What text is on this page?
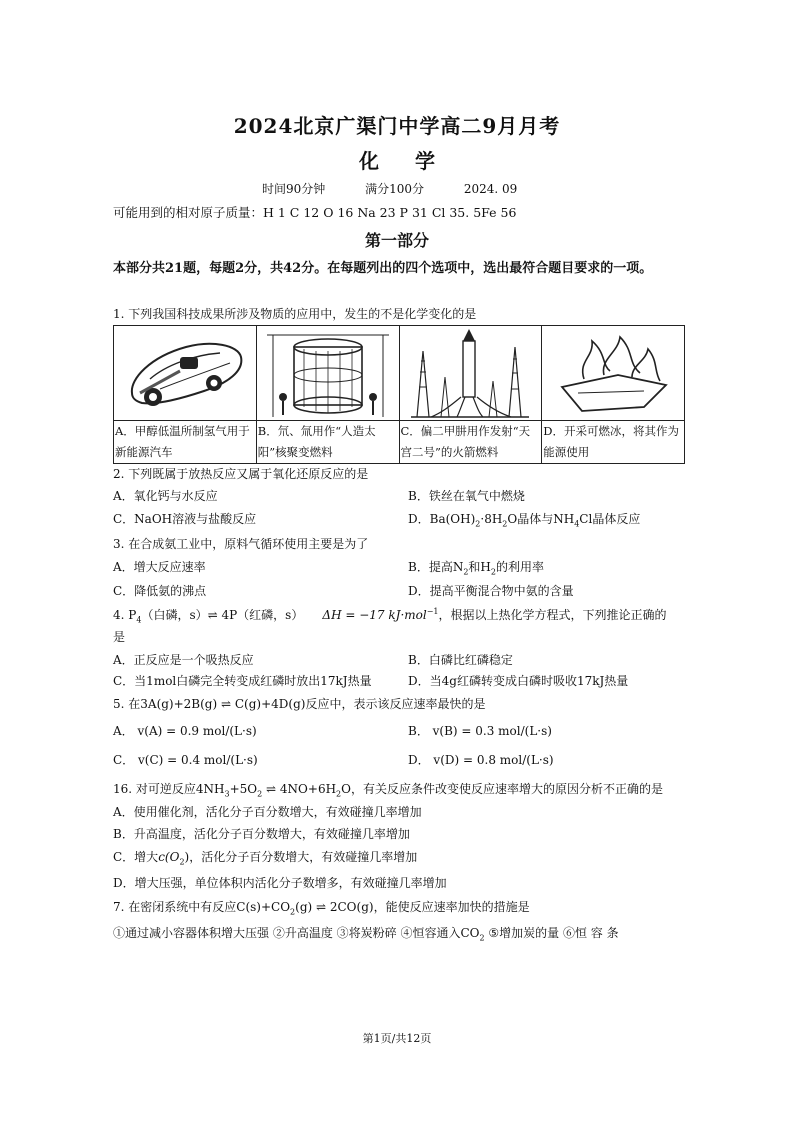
2024北京广渠门中学高二9月月考
化 学
时间90分钟	满分100分	2024. 09
可能用到的相对原子质量：H 1 C 12 O 16 Na 23 P 31 Cl 35. 5Fe 56
第一部分
本部分共21题，每题2分，共42分。在每题列出的四个选项中，选出最符合题目要求的一项。
1. 下列我国科技成果所涉及物质的应用中，发生的不是化学变化的是

A．甲醇低温所制氢气用于新能源汽车	B．氘、氚用作“人造太阳”核聚变燃料	C．偏二甲肼用作发射“天宫二号”的火箭燃料	D．开采可燃冰，将其作为能源使用
2. 下列既属于放热反应又属于氧化还原反应的是
A．氧化钙与水反应	B．铁丝在氧气中燃烧
C．NaOH溶液与盐酸反应	D．$Ba(OH)_2\cdot 8H_2O$晶体与$NH_4Cl$晶体反应
3. 在合成氨工业中，原料气循环使用主要是为了
A．增大反应速率	B．提高$N_2$和$H_2$的利用率
C．降低氨的沸点	D．提高平衡混合物中氨的含量
4. $P_4$（白磷，s）⇌ 4P（红磷，s） ΔH = −17 kJ·mol$^{-1}$，根据以上热化学方程式，下列推论正确的
是
A．正反应是一个吸热反应	B．白磷比红磷稳定
C．当1mol白磷完全转变成红磷时放出17kJ热量	D．当4g红磷转变成白磷时吸收17kJ热量
5. 在3A(g)+2B(g) ⇌ C(g)+4D(g)反应中，表示该反应速率最快的是
A． v(A) = 0.9 mol/(L·s)	B． v(B) = 0.3 mol/(L·s)
C． v(C) = 0.4 mol/(L·s)	D． v(D) = 0.8 mol/(L·s)
16. 对可逆反应$4NH_3+5O_2$ ⇌ $4NO+6H_2O$，有关反应条件改变使反应速率增大的原因分析不正确的是
A．使用催化剂，活化分子百分数增大，有效碰撞几率增加
B．升高温度，活化分子百分数增大，有效碰撞几率增加
C．增大$c(O_2)$，活化分子百分数增大，有效碰撞几率增加
D．增大压强，单位体积内活化分子数增多，有效碰撞几率增加
7. 在密闭系统中有反应$C(s)+CO_2(g)$ ⇌ 2CO(g)，能使反应速率加快的措施是
①通过减小容器体积增大压强 ②升高温度 ③将炭粉碎 ④恒容通入$CO_2$ ⑤增加炭的量 ⑥恒 容 条
第1页/共12页
